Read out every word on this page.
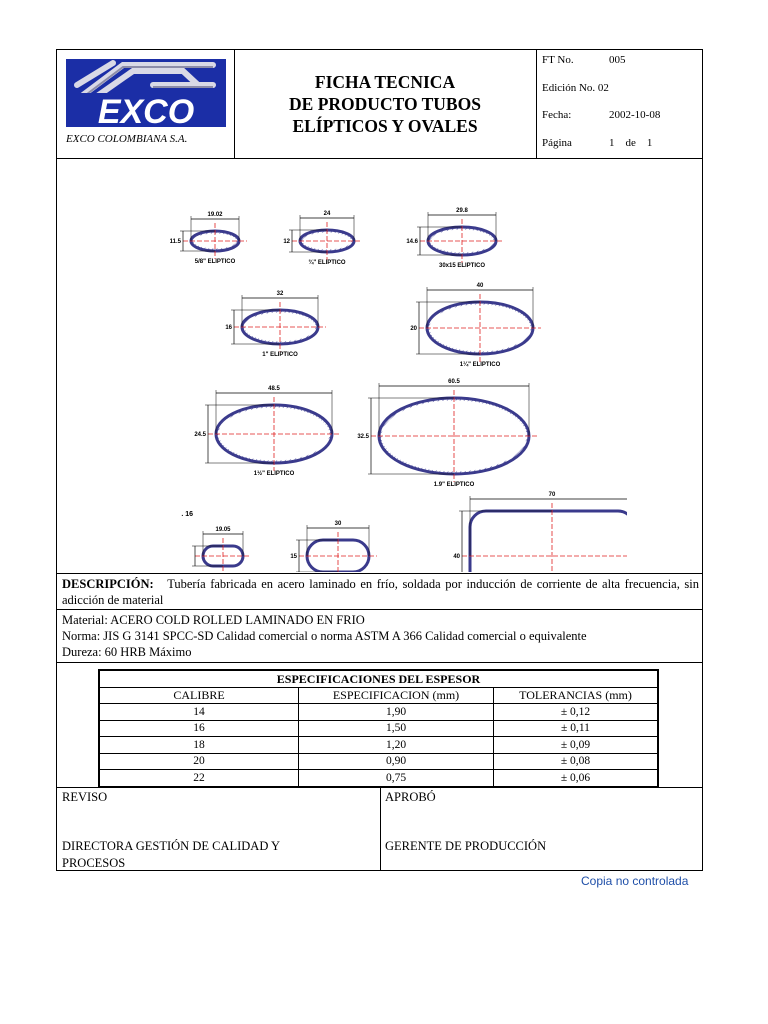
EXCO
EXCO COLOMBIANA S.A.
FICHA TECNICA
DE PRODUCTO TUBOS
ELÍPTICOS Y OVALES
FT No.	005
Edición No. 02
Fecha:	2002-10-08
Página	1    de    1
19.02
11.5
5/8" ELIPTICO
24
12
¾" ELIPTICO
29.8
14.6
30x15 ELIPTICO
32
16
1" ELIPTICO
40
20
1¼" ELIPTICO
48.5
24.5
1½" ELIPTICO
60.5
32.5
1.9" ELIPTICO
19.05
. 16
30
15
70
40
DESCRIPCIÓN: Tubería fabricada en acero laminado en frío, soldada por inducción de corriente de alta frecuencia, sin adicción de material
Material: ACERO COLD ROLLED LAMINADO EN FRIO
Norma: JIS G 3141 SPCC-SD Calidad comercial o norma ASTM A 366 Calidad comercial o equivalente
Dureza: 60 HRB Máximo
ESPECIFICACIONES DEL ESPESOR		
CALIBRE	ESPECIFICACION (mm)	TOLERANCIAS (mm)
14	1,90	± 0,12
16	1,50	± 0,11
18	1,20	± 0,09
20	0,90	± 0,08
22	0,75	± 0,06
REVISO
DIRECTORA GESTIÓN DE CALIDAD Y
PROCESOS
APROBÓ
GERENTE DE PRODUCCIÓN
Copia no controlada
